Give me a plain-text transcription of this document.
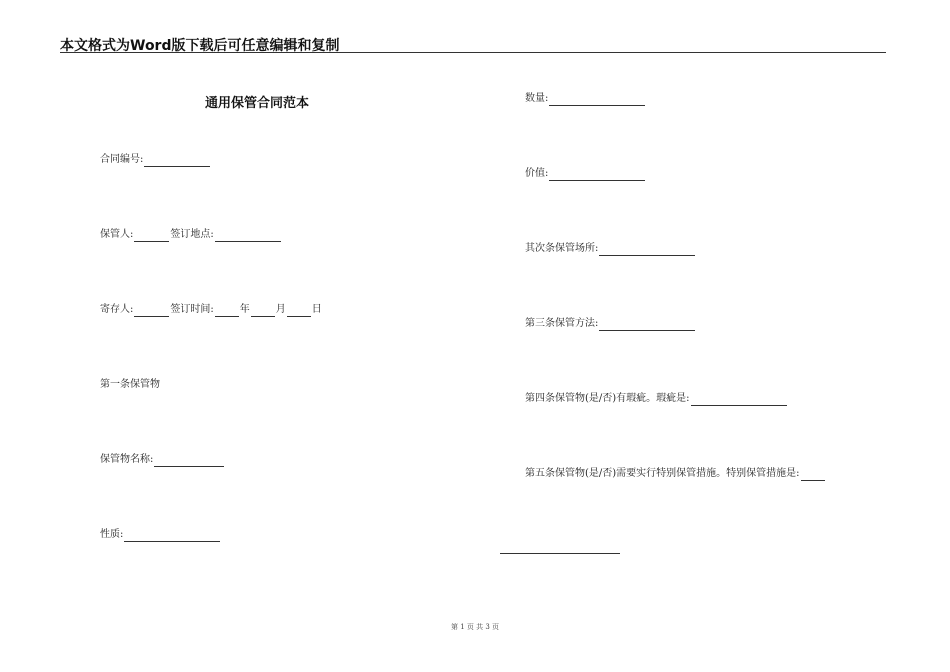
本文格式为Word版下载后可任意编辑和复制
通用保管合同范本
合同编号:
保管人:	签订地点:
寄存人:	签订时间:	年	月	日
第一条保管物
保管物名称:
性质:
数量:
价值:
其次条保管场所:
第三条保管方法:
第四条保管物(是/否)有瑕疵。瑕疵是:
第五条保管物(是/否)需要实行特别保管措施。特别保管措施是:
第 1 页 共 3 页
